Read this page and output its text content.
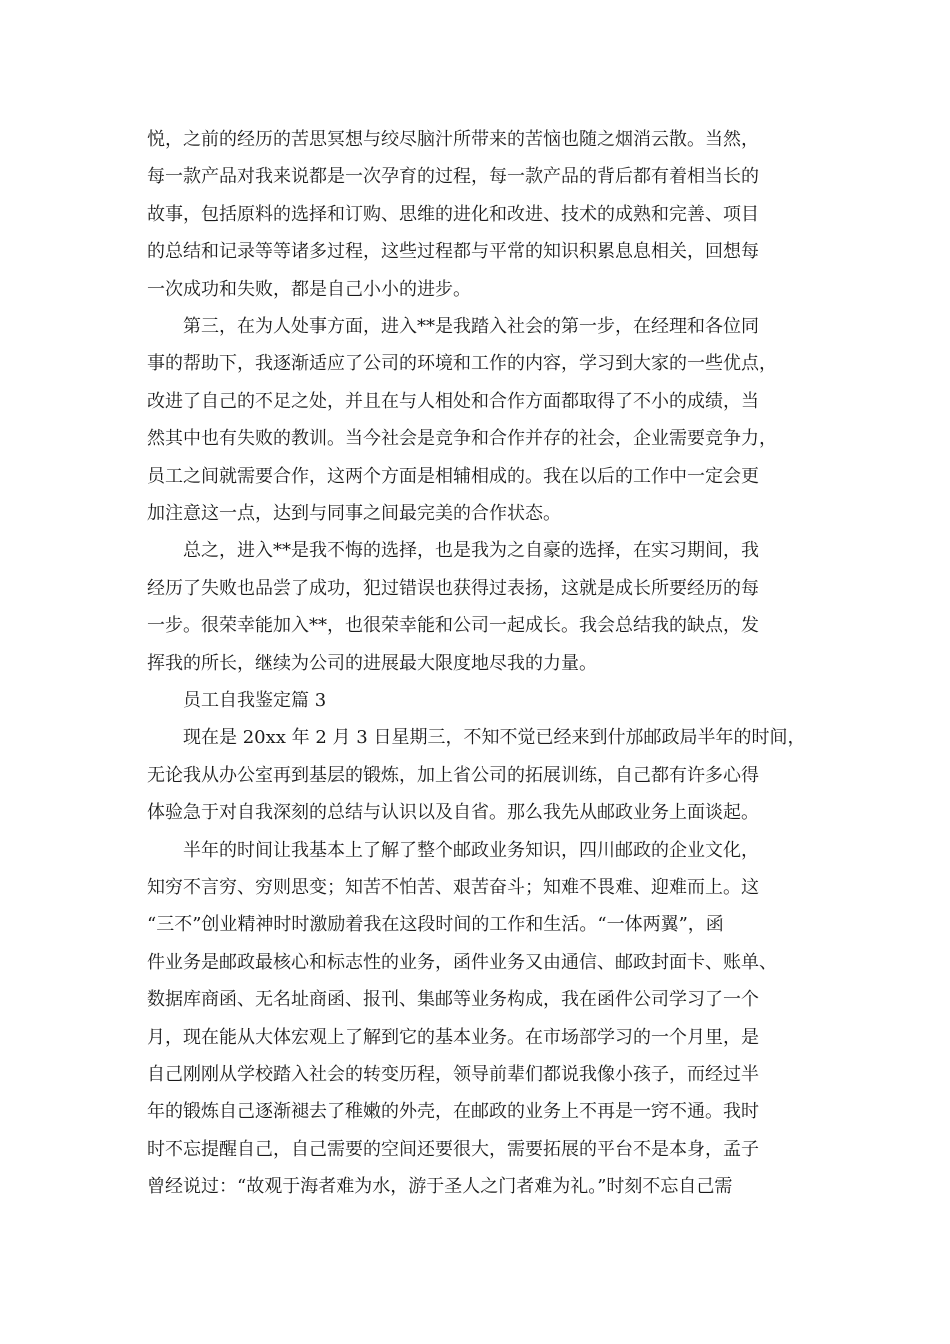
悦，之前的经历的苦思冥想与绞尽脑汁所带来的苦恼也随之烟消云散。当然，
每一款产品对我来说都是一次孕育的过程，每一款产品的背后都有着相当长的
故事，包括原料的选择和订购、思维的进化和改进、技术的成熟和完善、项目
的总结和记录等等诸多过程，这些过程都与平常的知识积累息息相关，回想每
一次成功和失败，都是自己小小的进步。
第三，在为人处事方面，进入**是我踏入社会的第一步，在经理和各位同
事的帮助下，我逐渐适应了公司的环境和工作的内容，学习到大家的一些优点，
改进了自己的不足之处，并且在与人相处和合作方面都取得了不小的成绩，当
然其中也有失败的教训。当今社会是竞争和合作并存的社会，企业需要竞争力，
员工之间就需要合作，这两个方面是相辅相成的。我在以后的工作中一定会更
加注意这一点，达到与同事之间最完美的合作状态。
总之，进入**是我不悔的选择，也是我为之自豪的选择，在实习期间，我
经历了失败也品尝了成功，犯过错误也获得过表扬，这就是成长所要经历的每
一步。很荣幸能加入**，也很荣幸能和公司一起成长。我会总结我的缺点，发
挥我的所长，继续为公司的进展最大限度地尽我的力量。
员工自我鉴定篇 3
现在是 20xx 年 2 月 3 日星期三，不知不觉已经来到什邡邮政局半年的时间，
无论我从办公室再到基层的锻炼，加上省公司的拓展训练，自己都有许多心得
体验急于对自我深刻的总结与认识以及自省。那么我先从邮政业务上面谈起。
半年的时间让我基本上了解了整个邮政业务知识，四川邮政的企业文化，
知穷不言穷、穷则思变；知苦不怕苦、艰苦奋斗；知难不畏难、迎难而上。这
“三不”创业精神时时激励着我在这段时间的工作和生活。“一体两翼”，函
件业务是邮政最核心和标志性的业务，函件业务又由通信、邮政封面卡、账单、
数据库商函、无名址商函、报刊、集邮等业务构成，我在函件公司学习了一个
月，现在能从大体宏观上了解到它的基本业务。在市场部学习的一个月里，是
自己刚刚从学校踏入社会的转变历程，领导前辈们都说我像小孩子，而经过半
年的锻炼自己逐渐褪去了稚嫩的外壳，在邮政的业务上不再是一窍不通。我时
时不忘提醒自己，自己需要的空间还要很大，需要拓展的平台不是本身，孟子
曾经说过：“故观于海者难为水，游于圣人之门者难为礼。”时刻不忘自己需
